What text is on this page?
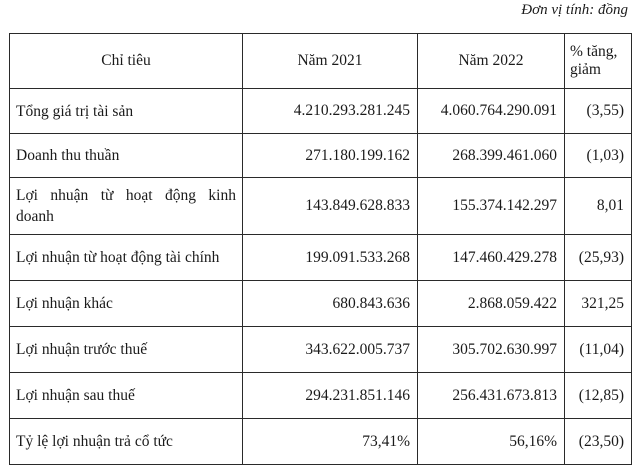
Đơn vị tính: đồng
Chỉ tiêu	Năm 2021	Năm 2022	% tăng, giảm
Tổng giá trị tài sản	4.210.293.281.245	4.060.764.290.091	(3,55)
Doanh thu thuần	271.180.199.162	268.399.461.060	(1,03)
Lợi nhuận từ hoạt động kinh doanh	143.849.628.833	155.374.142.297	8,01
Lợi nhuận từ hoạt động tài chính	199.091.533.268	147.460.429.278	(25,93)
Lợi nhuận khác	680.843.636	2.868.059.422	321,25
Lợi nhuận trước thuế	343.622.005.737	305.702.630.997	(11,04)
Lợi nhuận sau thuế	294.231.851.146	256.431.673.813	(12,85)
Tỷ lệ lợi nhuận trả cổ tức	73,41%	56,16%	(23,50)
